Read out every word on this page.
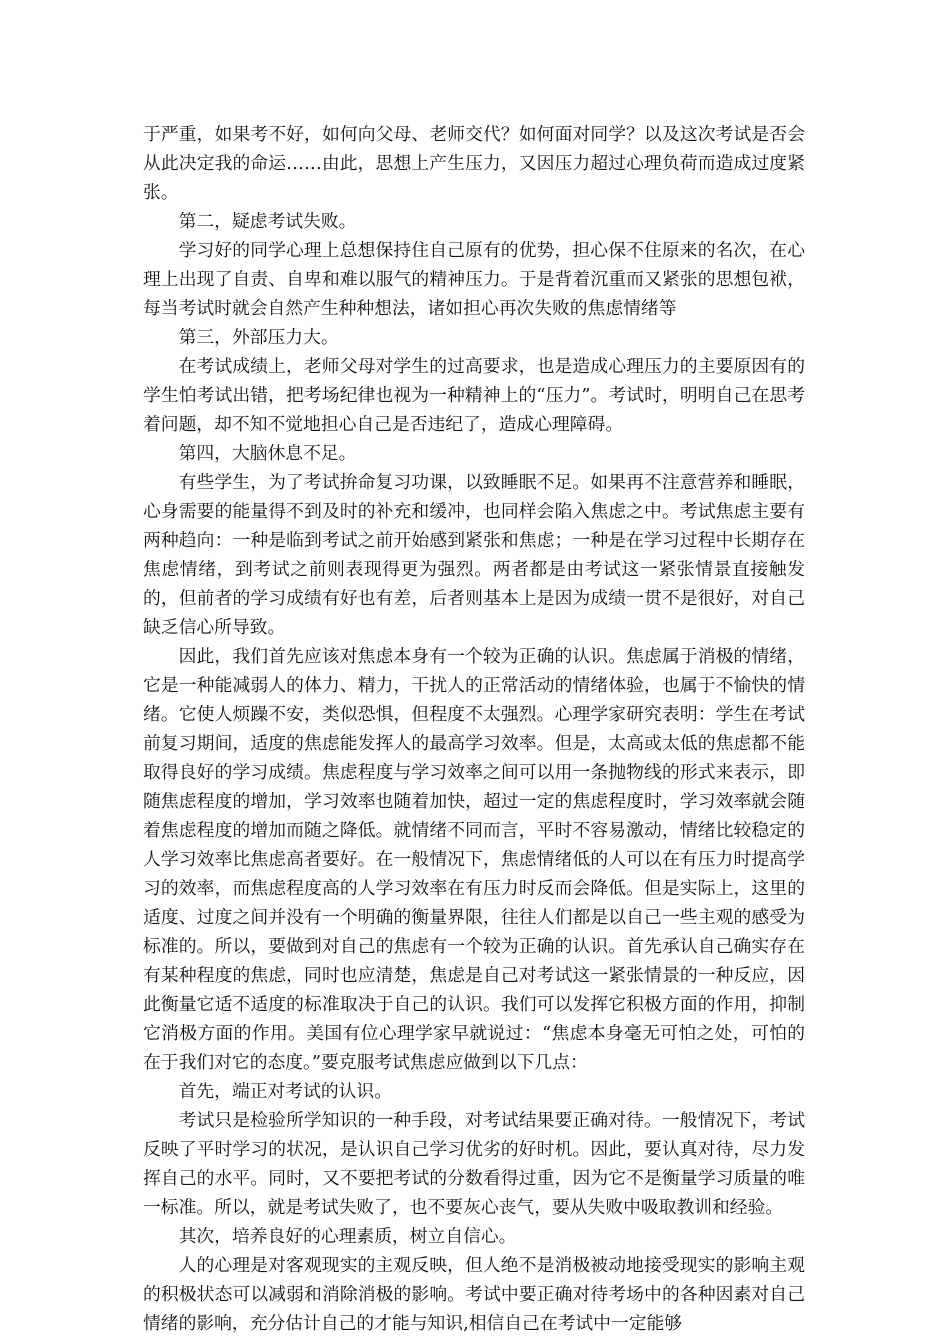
于严重，如果考不好，如何向父母、老师交代？如何面对同学？以及这次考试是否会从此决定我的命运……由此，思想上产生压力，又因压力超过心理负荷而造成过度紧张。

第二，疑虑考试失败。

学习好的同学心理上总想保持住自己原有的优势，担心保不住原来的名次，在心理上出现了自责、自卑和难以服气的精神压力。于是背着沉重而又紧张的思想包袱，每当考试时就会自然产生种种想法，诸如担心再次失败的焦虑情绪等

第三，外部压力大。

在考试成绩上，老师父母对学生的过高要求，也是造成心理压力的主要原因有的学生怕考试出错，把考场纪律也视为一种精神上的“压力”。考试时，明明自己在思考着问题，却不知不觉地担心自己是否违纪了，造成心理障碍。

第四，大脑休息不足。

有些学生，为了考试拚命复习功课，以致睡眠不足。如果再不注意营养和睡眠，心身需要的能量得不到及时的补充和缓冲，也同样会陷入焦虑之中。考试焦虑主要有两种趋向：一种是临到考试之前开始感到紧张和焦虑；一种是在学习过程中长期存在焦虑情绪，到考试之前则表现得更为强烈。两者都是由考试这一紧张情景直接触发的，但前者的学习成绩有好也有差，后者则基本上是因为成绩一贯不是很好，对自己缺乏信心所导致。

因此，我们首先应该对焦虑本身有一个较为正确的认识。焦虑属于消极的情绪，它是一种能减弱人的体力、精力，干扰人的正常活动的情绪体验，也属于不愉快的情绪。它使人烦躁不安，类似恐惧，但程度不太强烈。心理学家研究表明：学生在考试前复习期间，适度的焦虑能发挥人的最高学习效率。但是，太高或太低的焦虑都不能取得良好的学习成绩。焦虑程度与学习效率之间可以用一条抛物线的形式来表示，即随焦虑程度的增加，学习效率也随着加快，超过一定的焦虑程度时，学习效率就会随着焦虑程度的增加而随之降低。就情绪不同而言，平时不容易激动，情绪比较稳定的人学习效率比焦虑高者要好。在一般情况下，焦虑情绪低的人可以在有压力时提高学习的效率，而焦虑程度高的人学习效率在有压力时反而会降低。但是实际上，这里的适度、过度之间并没有一个明确的衡量界限，往往人们都是以自己一些主观的感受为标准的。所以，要做到对自己的焦虑有一个较为正确的认识。首先承认自己确实存在有某种程度的焦虑，同时也应清楚，焦虑是自己对考试这一紧张情景的一种反应，因此衡量它适不适度的标准取决于自己的认识。我们可以发挥它积极方面的作用，抑制它消极方面的作用。美国有位心理学家早就说过：“焦虑本身毫无可怕之处，可怕的在于我们对它的态度。”要克服考试焦虑应做到以下几点：

首先，端正对考试的认识。

考试只是检验所学知识的一种手段，对考试结果要正确对待。一般情况下，考试反映了平时学习的状况，是认识自己学习优劣的好时机。因此，要认真对待，尽力发挥自己的水平。同时，又不要把考试的分数看得过重，因为它不是衡量学习质量的唯一标准。所以，就是考试失败了，也不要灰心丧气，要从失败中吸取教训和经验。

其次，培养良好的心理素质，树立自信心。

人的心理是对客观现实的主观反映，但人绝不是消极被动地接受现实的影响主观的积极状态可以减弱和消除消极的影响。考试中要正确对待考场中的各种因素对自己情绪的影响，充分估计自己的才能与知识,相信自己在考试中一定能够
